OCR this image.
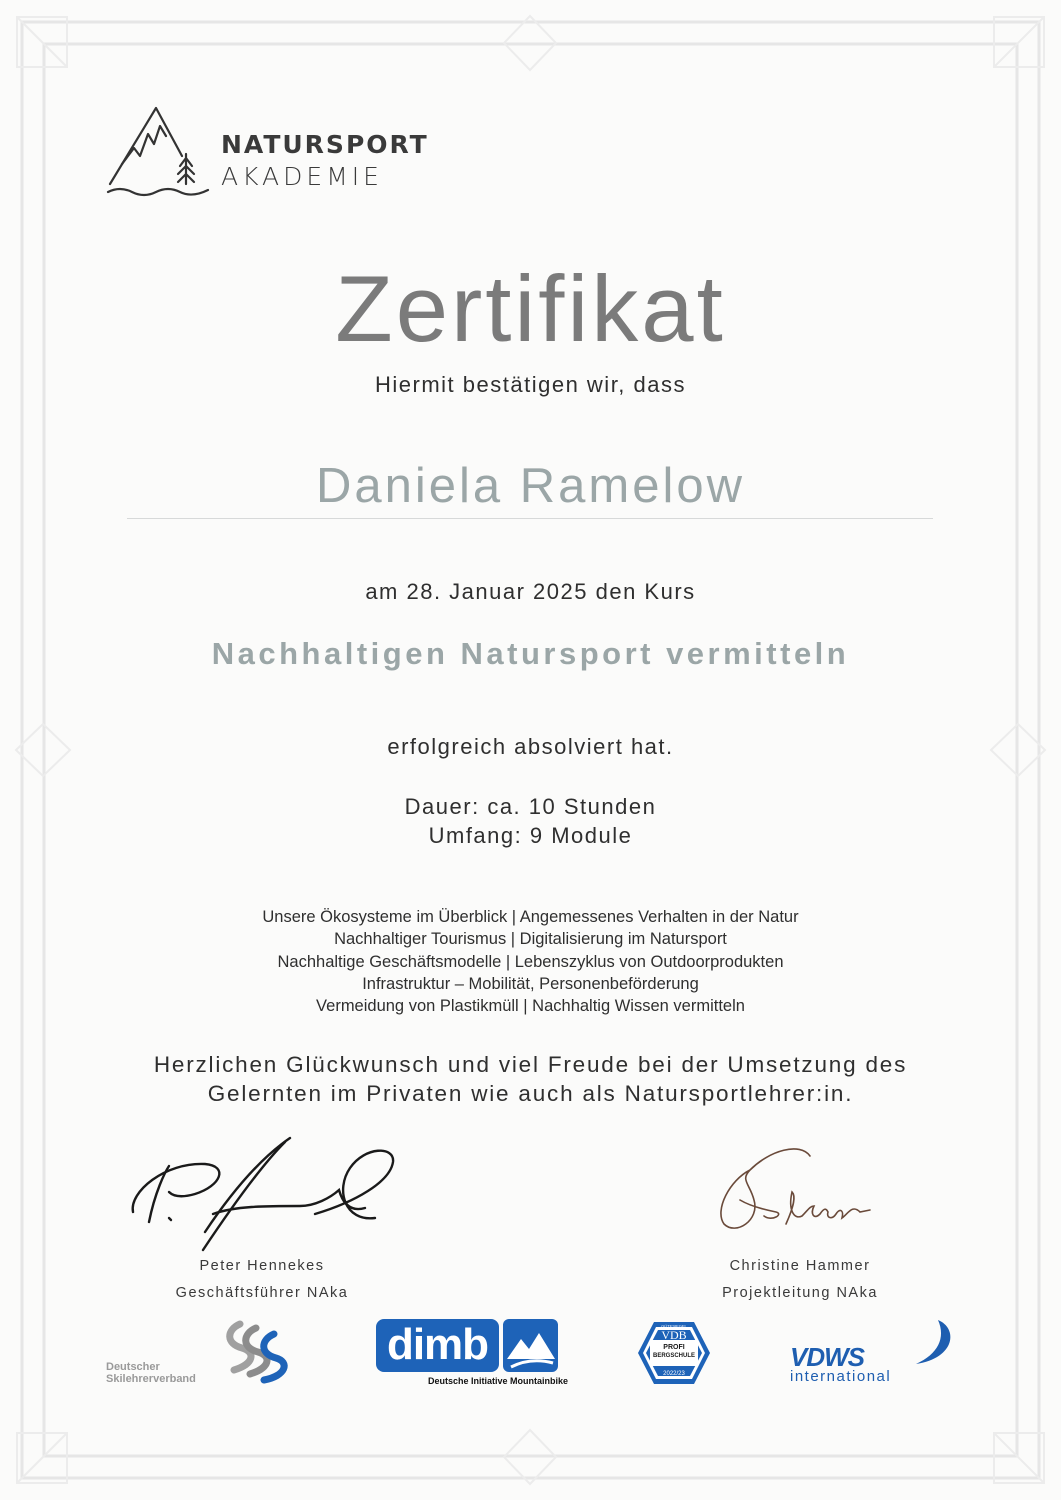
NATURSPORT
AKADEMIE
Zertifikat
Hiermit bestätigen wir, dass
Daniela Ramelow
am 28. Januar 2025 den Kurs
Nachhaltigen Natursport vermitteln
erfolgreich absolviert hat.
Dauer: ca. 10 Stunden
Umfang: 9 Module
Unsere Ökosysteme im Überblick | Angemessenes Verhalten in der Natur
Nachhaltiger Tourismus | Digitalisierung im Natursport
Nachhaltige Geschäftsmodelle | Lebenszyklus von Outdoorprodukten
Infrastruktur – Mobilität, Personenbeförderung
Vermeidung von Plastikmüll | Nachhaltig Wissen vermitteln
Herzlichen Glückwunsch und viel Freude bei der Umsetzung des
Gelernten im Privaten wie auch als Natursportlehrer:in.
Peter Hennekes
Geschäftsführer NAka
Christine Hammer
Projektleitung NAka
Deutscher
Skilehrerverband
dimb
Deutsche Initiative Mountainbike
GÜTESIEGEL
VDB
PROFI
BERGSCHULE
2022/23
VDWS
international
